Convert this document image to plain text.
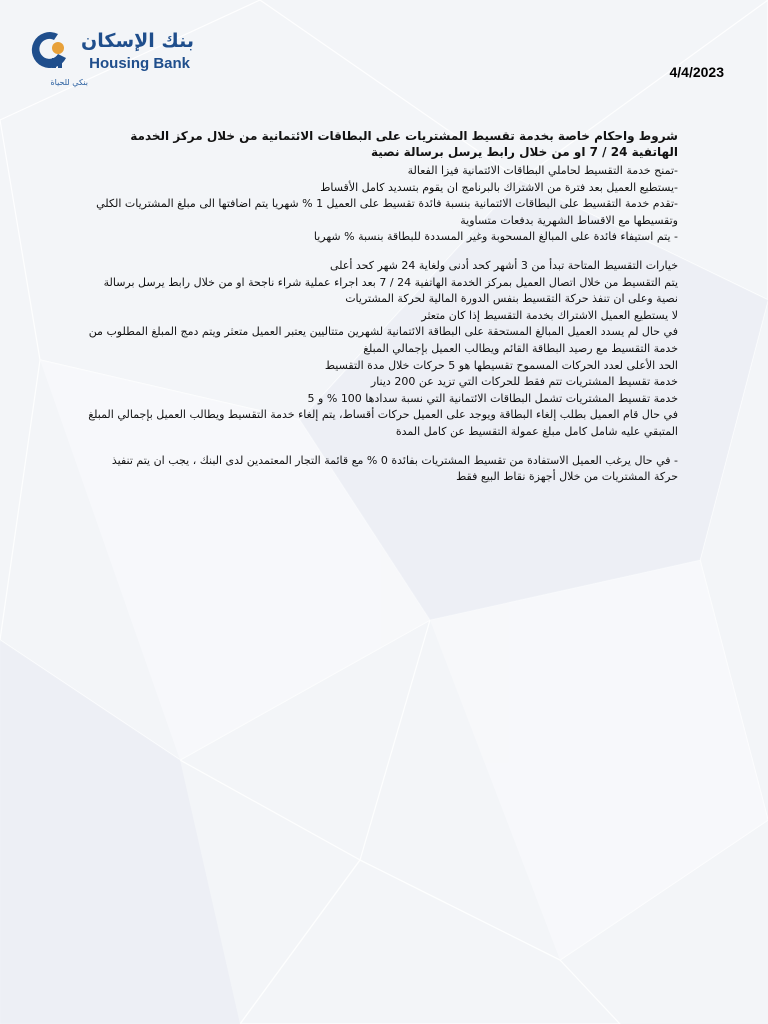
بنك الإسكان
Housing Bank
بنكي للحياة
4/4/2023

شروط واحكام خاصة بخدمة تقسيط المشتريات على البطاقات الائتمانية من خلال مركز الخدمة الهاتفية 24 / 7 او من خلال رابط يرسل برسالة نصية

-تمنح خدمة التقسيط لحاملي البطاقات الائتمانية فيزا الفعالة

-يستطيع العميل بعد فترة من الاشتراك بالبرنامج ان يقوم بتسديد كامل الأقساط

-تقدم خدمة التقسيط على البطاقات الائتمانية بنسبة فائدة تقسيط على العميل 1 % شهريا يتم اضافتها الى مبلغ المشتريات الكلي وتقسيطها مع الاقساط الشهرية بدفعات متساوية

- يتم استيفاء فائدة على المبالغ المسحوبة وغير المسددة للبطاقة بنسبة % شهريا

خيارات التقسيط المتاحة تبدأ من 3 أشهر كحد أدنى ولغاية 24 شهر كحد أعلى

يتم التقسيط من خلال اتصال العميل بمركز الخدمة الهاتفية 24 / 7 بعد اجراء عملية شراء ناجحة او من خلال رابط يرسل برسالة نصية وعلى ان تنفذ حركة التقسيط بنفس الدورة المالية لحركة المشتريات

لا يستطيع العميل الاشتراك بخدمة التقسيط إذا كان متعثر

في حال لم يسدد العميل المبالغ المستحقة على البطاقة الائتمانية لشهرين متتاليين يعتبر العميل متعثر ويتم دمج المبلغ المطلوب من خدمة التقسيط مع رصيد البطاقة القائم ويطالب العميل بإجمالي المبلغ

الحد الأعلى لعدد الحركات المسموح تقسيطها هو 5 حركات خلال مدة التقسيط

خدمة تقسيط المشتريات تتم فقط للحركات التي تزيد عن 200 دينار

خدمة تقسيط المشتريات تشمل البطاقات الائتمانية التي نسبة سدادها 100 % و 5

في حال قام العميل بطلب إلغاء البطاقة ويوجد على العميل حركات أقساط، يتم إلغاء خدمة التقسيط ويطالب العميل بإجمالي المبلغ المتبقي عليه شامل كامل مبلغ عمولة التقسيط عن كامل المدة

- في حال يرغب العميل الاستفادة من تقسيط المشتريات بفائدة 0 % مع قائمة التجار المعتمدين لدى البنك ، يجب ان يتم تنفيذ حركة المشتريات من خلال أجهزة نقاط البيع فقط
